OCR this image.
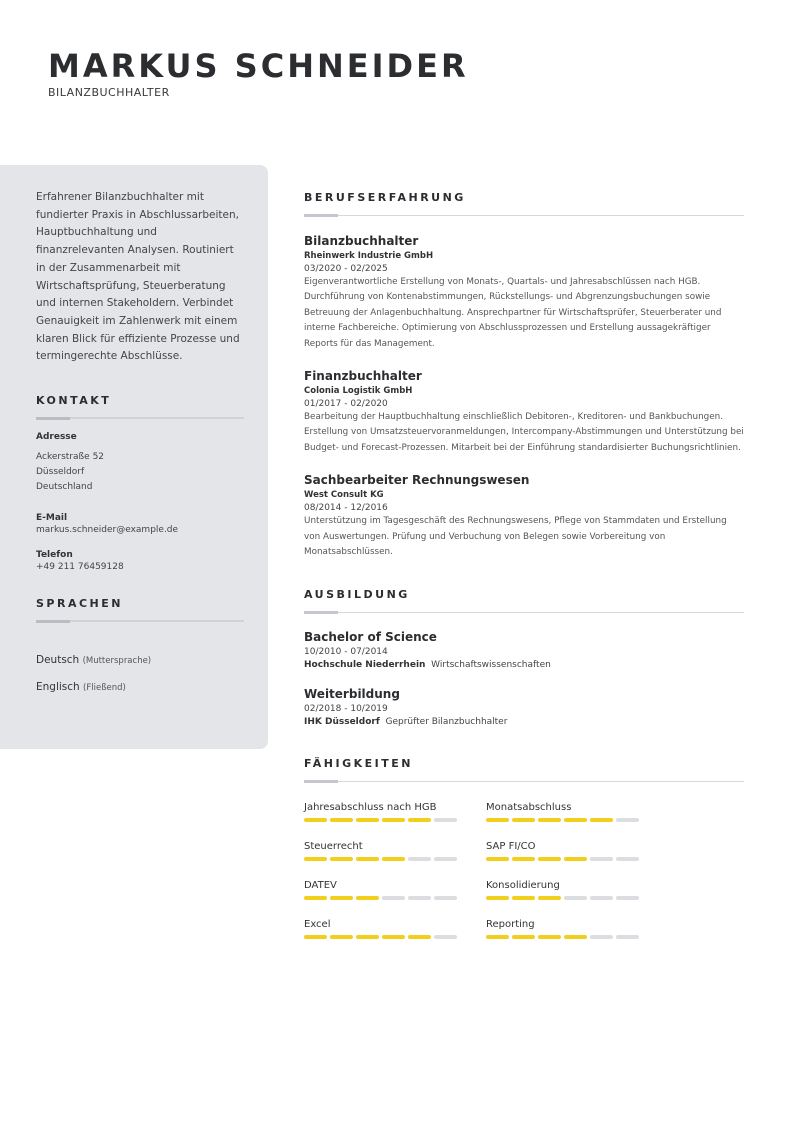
MARKUS SCHNEIDER
BILANZBUCHHALTER

Erfahrener Bilanzbuchhalter mit fundierter Praxis in Abschlussarbeiten, Hauptbuchhaltung und finanzrelevanten Analysen. Routiniert in der Zusammenarbeit mit Wirtschaftsprüfung, Steuerberatung und internen Stakeholdern. Verbindet Genauigkeit im Zahlenwerk mit einem klaren Blick für effiziente Prozesse und termingerechte Abschlüsse.

KONTAKT
Adresse
Ackerstraße 52
Düsseldorf
Deutschland
E-Mail
markus.schneider@example.de
Telefon
+49 211 76459128
SPRACHEN
Deutsch (Muttersprache)
Englisch (Fließend)
BERUFSERFAHRUNG
Bilanzbuchhalter
Rheinwerk Industrie GmbH
03/2020 - 02/2025
Eigenverantwortliche Erstellung von Monats-, Quartals- und Jahresabschlüssen nach HGB. Durchführung von Kontenabstimmungen, Rückstellungs- und Abgrenzungsbuchungen sowie Betreuung der Anlagenbuchhaltung. Ansprechpartner für Wirtschaftsprüfer, Steuerberater und interne Fachbereiche. Optimierung von Abschlussprozessen und Erstellung aussagekräftiger Reports für das Management.
Finanzbuchhalter
Colonia Logistik GmbH
01/2017 - 02/2020
Bearbeitung der Hauptbuchhaltung einschließlich Debitoren-, Kreditoren- und Bankbuchungen. Erstellung von Umsatzsteuervoranmeldungen, Intercompany-Abstimmungen und Unterstützung bei Budget- und Forecast-Prozessen. Mitarbeit bei der Einführung standardisierter Buchungsrichtlinien.
Sachbearbeiter Rechnungswesen
West Consult KG
08/2014 - 12/2016
Unterstützung im Tagesgeschäft des Rechnungswesens, Pflege von Stammdaten und Erstellung von Auswertungen. Prüfung und Verbuchung von Belegen sowie Vorbereitung von Monatsabschlüssen.
AUSBILDUNG
Bachelor of Science
10/2010 - 07/2014
Hochschule Niederrhein Wirtschaftswissenschaften
Weiterbildung
02/2018 - 10/2019
IHK Düsseldorf Geprüfter Bilanzbuchhalter
FÄHIGKEITEN
Jahresabschluss nach HGB	Monatsabschluss
Steuerrecht	SAP FI/CO
DATEV	Konsolidierung
Excel	Reporting
